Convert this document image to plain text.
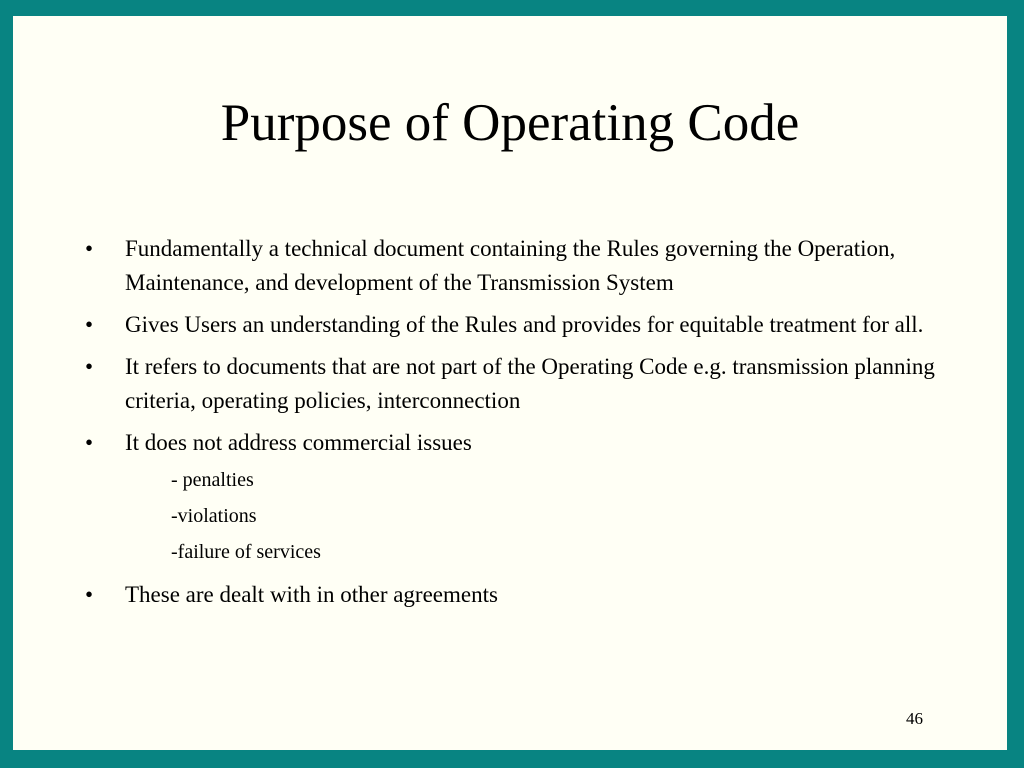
Purpose of Operating Code
• Fundamentally a technical document containing the Rules governing the Operation, Maintenance, and development of the Transmission System
• Gives Users an understanding of the Rules and provides for equitable treatment for all.
• It refers to documents that are not part of the Operating Code e.g. transmission planning criteria, operating policies, interconnection
• It does not address commercial issues
- penalties
-violations
-failure of services
• These are dealt with in other agreements
46
